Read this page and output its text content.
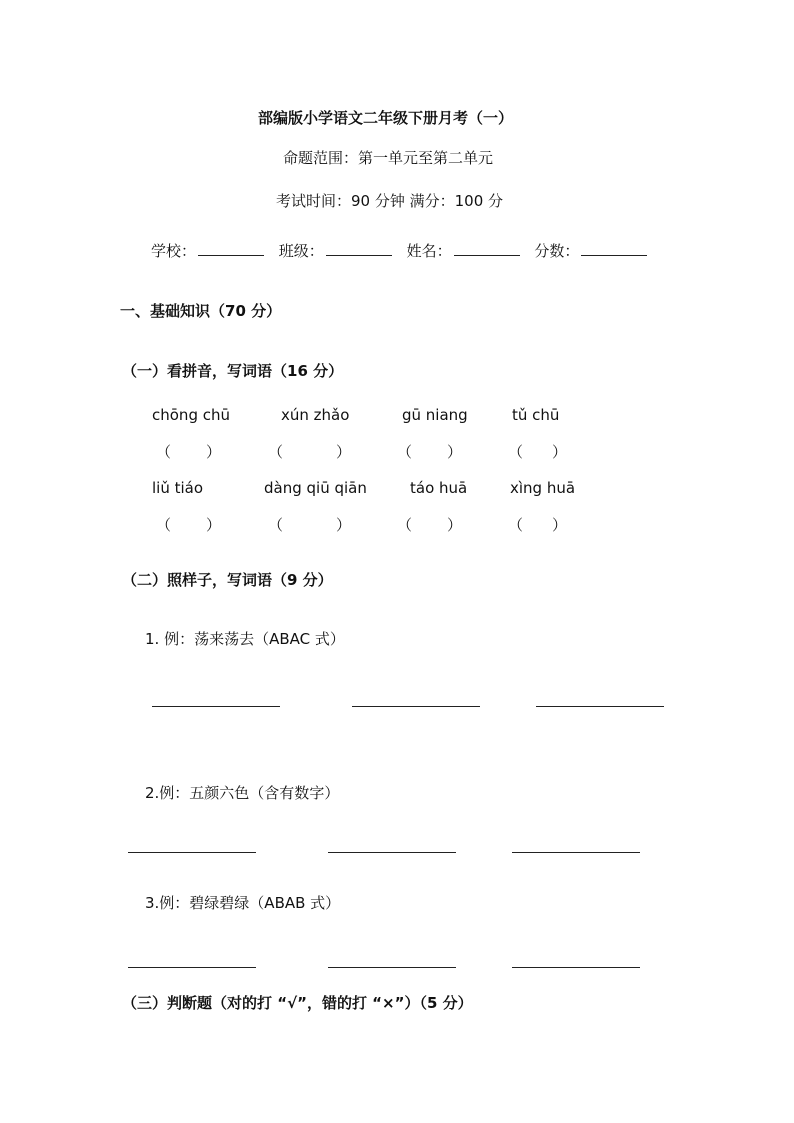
部编版小学语文二年级下册月考（一）
命题范围：第一单元至第二单元
考试时间：90 分钟 满分：100 分
学校：	班级：	姓名：	分数：
一、基础知识（70 分）
（一）看拼音，写词语（16 分）
chōng chū	xún zhǎo	gū niang	tǔ chū
（ ）	（	）	（ ）	（ ）
liǔ tiáo	dàng qiū qiān	táo huā	xìng huā
（ ）	（	）	（ ）	（ ）
（二）照样子，写词语（9 分）
1. 例：荡来荡去（ABAC 式）
2.例：五颜六色（含有数字）
3.例：碧绿碧绿（ABAB 式）
（三）判断题（对的打 “√”，错的打 “×”）（5 分）
